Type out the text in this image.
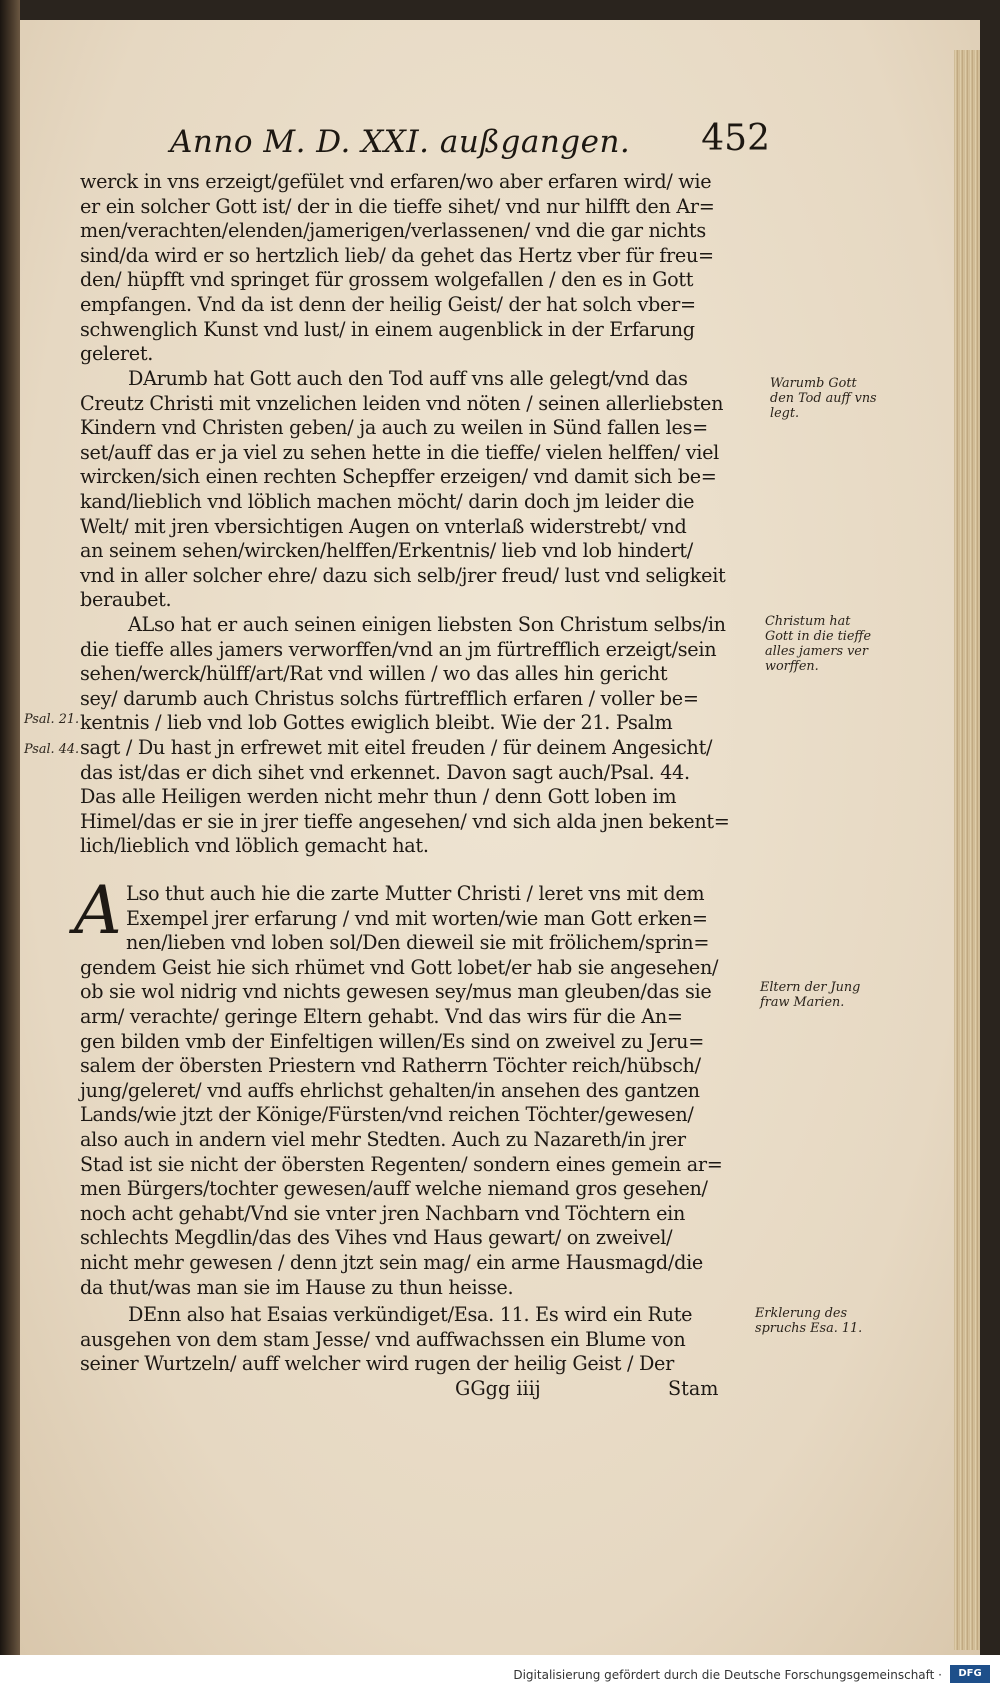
Anno M. D. XXI. außgangen. 452
werck in vns erzeigt/gefület vnd erfaren/wo aber erfaren wird/ wie
er ein solcher Gott ist/ der in die tieffe sihet/ vnd nur hilfft den Ar=
men/verachten/elenden/jamerigen/verlassenen/ vnd die gar nichts
sind/da wird er so hertzlich lieb/ da gehet das Hertz vber für freu=
den/ hüpfft vnd springet für grossem wolgefallen / den es in Gott
empfangen. Vnd da ist denn der heilig Geist/ der hat solch vber=
schwenglich Kunst vnd lust/ in einem augenblick in der Erfarung
geleret.
DArumb hat Gott auch den Tod auff vns alle gelegt/vnd das
Creutz Christi mit vnzelichen leiden vnd nöten / seinen allerliebsten
Kindern vnd Christen geben/ ja auch zu weilen in Sünd fallen les=
set/auff das er ja viel zu sehen hette in die tieffe/ vielen helffen/ viel
wircken/sich einen rechten Schepffer erzeigen/ vnd damit sich be=
kand/lieblich vnd löblich machen möcht/ darin doch jm leider die
Welt/ mit jren vbersichtigen Augen on vnterlaß widerstrebt/ vnd
an seinem sehen/wircken/helffen/Erkentnis/ lieb vnd lob hindert/
vnd in aller solcher ehre/ dazu sich selb/jrer freud/ lust vnd seligkeit
beraubet.
ALso hat er auch seinen einigen liebsten Son Christum selbs/in
die tieffe alles jamers verworffen/vnd an jm fürtrefflich erzeigt/sein
sehen/werck/hülff/art/Rat vnd willen / wo das alles hin gericht
sey/ darumb auch Christus solchs fürtrefflich erfaren / voller be=
kentnis / lieb vnd lob Gottes ewiglich bleibt. Wie der 21. Psalm
sagt / Du hast jn erfrewet mit eitel freuden / für deinem Angesicht/
das ist/das er dich sihet vnd erkennet. Davon sagt auch/Psal. 44.
Das alle Heiligen werden nicht mehr thun / denn Gott loben im
Himel/das er sie in jrer tieffe angesehen/ vnd sich alda jnen bekent=
lich/lieblich vnd löblich gemacht hat.
A Lso thut auch hie die zarte Mutter Christi / leret vns mit dem
Exempel jrer erfarung / vnd mit worten/wie man Gott erken=
nen/lieben vnd loben sol/Den dieweil sie mit frölichem/sprin=
gendem Geist hie sich rhümet vnd Gott lobet/er hab sie angesehen/
ob sie wol nidrig vnd nichts gewesen sey/mus man gleuben/das sie
arm/ verachte/ geringe Eltern gehabt. Vnd das wirs für die An=
gen bilden vmb der Einfeltigen willen/Es sind on zweivel zu Jeru=
salem der öbersten Priestern vnd Ratherrn Töchter reich/hübsch/
jung/geleret/ vnd auffs ehrlichst gehalten/in ansehen des gantzen
Lands/wie jtzt der Könige/Fürsten/vnd reichen Töchter/gewesen/
also auch in andern viel mehr Stedten. Auch zu Nazareth/in jrer
Stad ist sie nicht der öbersten Regenten/ sondern eines gemein ar=
men Bürgers/tochter gewesen/auff welche niemand gros gesehen/
noch acht gehabt/Vnd sie vnter jren Nachbarn vnd Töchtern ein
schlechts Megdlin/das des Vihes vnd Haus gewart/ on zweivel/
nicht mehr gewesen / denn jtzt sein mag/ ein arme Hausmagd/die
da thut/was man sie im Hause zu thun heisse.
DEnn also hat Esaias verkündiget/Esa. 11. Es wird ein Rute
ausgehen von dem stam Jesse/ vnd auffwachssen ein Blume von
seiner Wurtzeln/ auff welcher wird rugen der heilig Geist / Der
GGgg iiij	Stam
Warumb Gott den Tod auff vns legt.
Christum hat Gott in die tieffe alles jamers ver worffen.
Eltern der Jung fraw Marien.
Erklerung des spruchs Esa. 11.
Psal. 21.
Psal. 44.
Digitalisierung gefördert durch die Deutsche Forschungsgemeinschaft ·	DFG
